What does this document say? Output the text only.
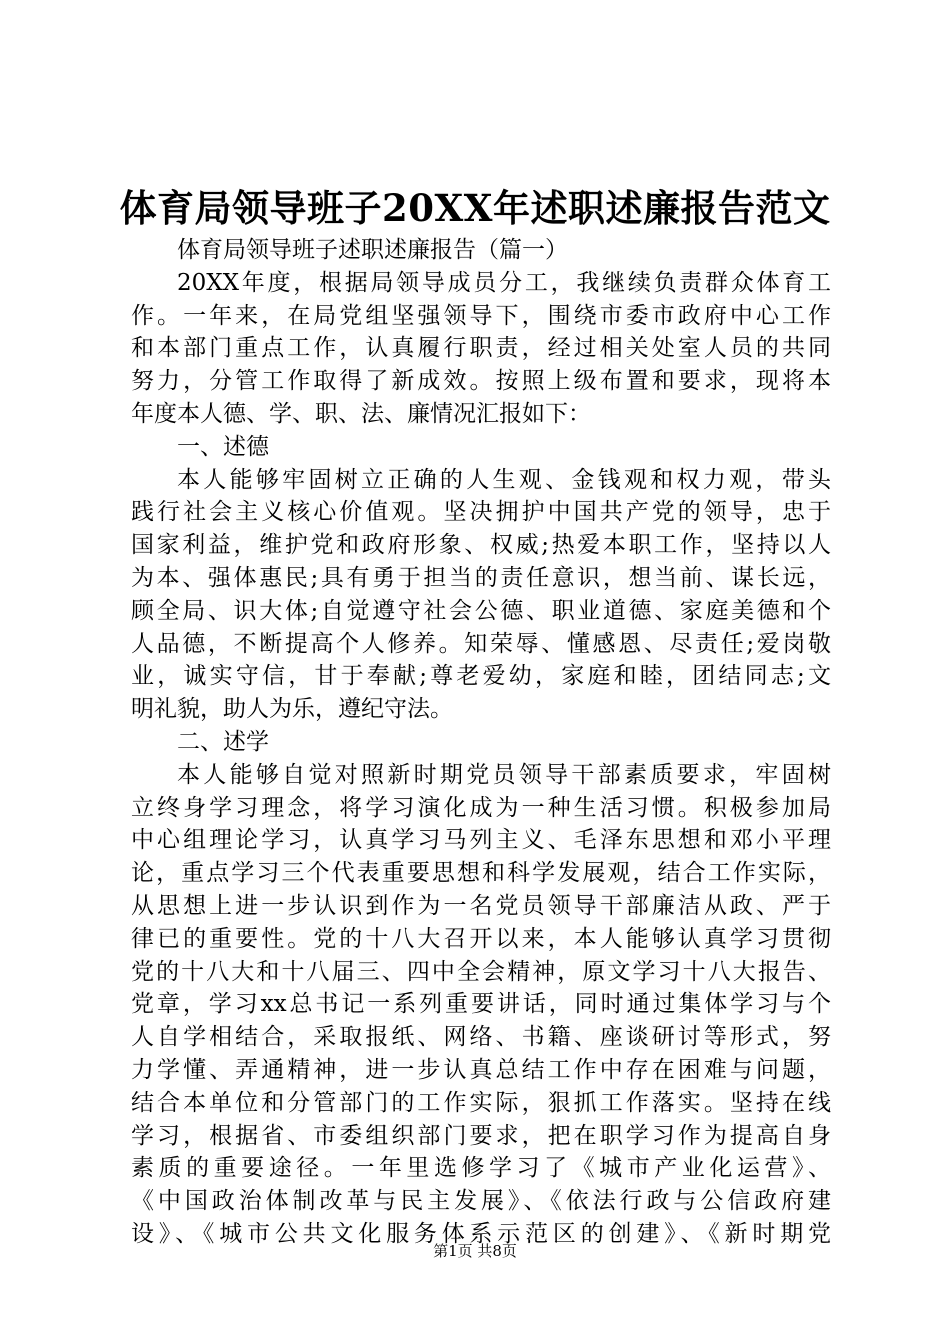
体育局领导班子20XX年述职述廉报告范文
体育局领导班子述职述廉报告（篇一）
20XX年度，根据局领导成员分工，我继续负责群众体育工
作。一年来，在局党组坚强领导下，围绕市委市政府中心工作
和本部门重点工作，认真履行职责，经过相关处室人员的共同
努力，分管工作取得了新成效。按照上级布置和要求，现将本
年度本人德、学、职、法、廉情况汇报如下：
一、述德
本人能够牢固树立正确的人生观、金钱观和权力观，带头
践行社会主义核心价值观。坚决拥护中国共产党的领导，忠于
国家利益，维护党和政府形象、权威;热爱本职工作，坚持以人
为本、强体惠民;具有勇于担当的责任意识，想当前、谋长远，
顾全局、识大体;自觉遵守社会公德、职业道德、家庭美德和个
人品德，不断提高个人修养。知荣辱、懂感恩、尽责任;爱岗敬
业，诚实守信，甘于奉献;尊老爱幼，家庭和睦，团结同志;文
明礼貌，助人为乐，遵纪守法。
二、述学
本人能够自觉对照新时期党员领导干部素质要求，牢固树
立终身学习理念，将学习演化成为一种生活习惯。积极参加局
中心组理论学习，认真学习马列主义、毛泽东思想和邓小平理
论，重点学习三个代表重要思想和科学发展观，结合工作实际，
从思想上进一步认识到作为一名党员领导干部廉洁从政、严于
律已的重要性。党的十八大召开以来，本人能够认真学习贯彻
党的十八大和十八届三、四中全会精神，原文学习十八大报告、
党章，学习xx总书记一系列重要讲话，同时通过集体学习与个
人自学相结合，采取报纸、网络、书籍、座谈研讨等形式，努
力学懂、弄通精神，进一步认真总结工作中存在困难与问题，
结合本单位和分管部门的工作实际，狠抓工作落实。坚持在线
学习，根据省、市委组织部门要求，把在职学习作为提高自身
素质的重要途径。一年里选修学习了《城市产业化运营》、
《中国政治体制改革与民主发展》、《依法行政与公信政府建
设》、《城市公共文化服务体系示范区的创建》、《新时期党
第1页 共8页
